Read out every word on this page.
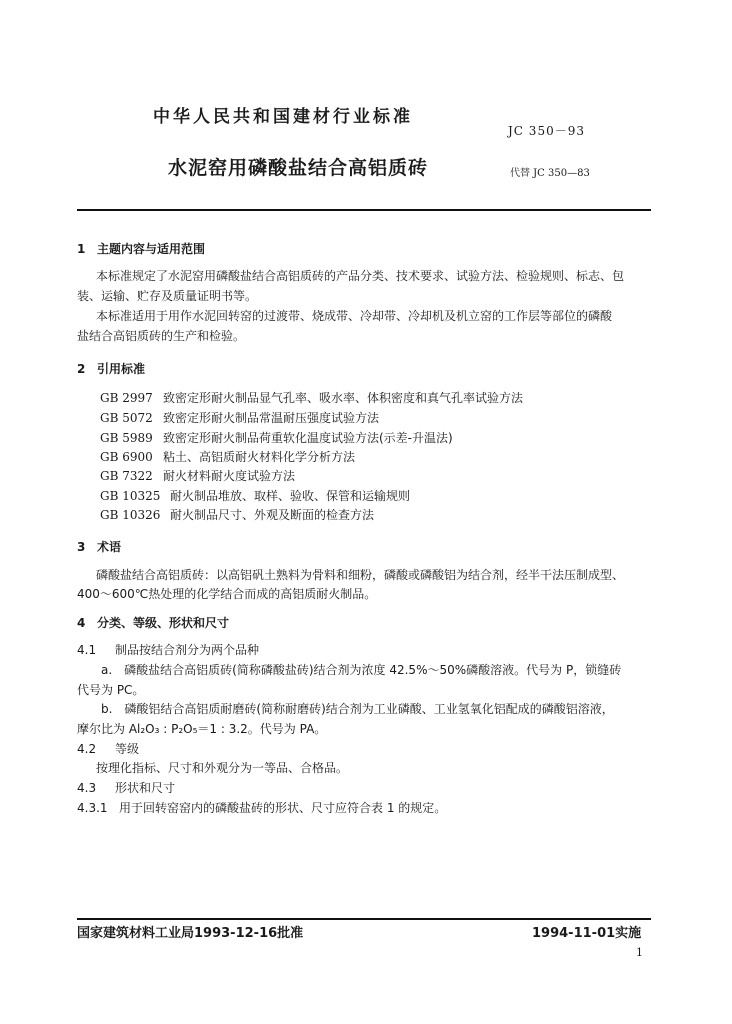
中华人民共和国建材行业标准
JC 350－93
水泥窑用磷酸盐结合高铝质砖	代替 JC 350—83
1 主题内容与适用范围
本标准规定了水泥窑用磷酸盐结合高铝质砖的产品分类、技术要求、试验方法、检验规则、标志、包
装、运输、贮存及质量证明书等。
本标准适用于用作水泥回转窑的过渡带、烧成带、冷却带、冷却机及机立窑的工作层等部位的磷酸
盐结合高铝质砖的生产和检验。
2 引用标准
GB 2997 致密定形耐火制品显气孔率、吸水率、体积密度和真气孔率试验方法
GB 5072 致密定形耐火制品常温耐压强度试验方法
GB 5989 致密定形耐火制品荷重软化温度试验方法(示差-升温法)
GB 6900 粘土、高铝质耐火材料化学分析方法
GB 7322 耐火材料耐火度试验方法
GB 10325 耐火制品堆放、取样、验收、保管和运输规则
GB 10326 耐火制品尺寸、外观及断面的检查方法
3 术语
磷酸盐结合高铝质砖：以高铝矾土熟料为骨料和细粉，磷酸或磷酸铝为结合剂，经半干法压制成型、
400～600℃热处理的化学结合而成的高铝质耐火制品。
4 分类、等级、形状和尺寸
4.1 制品按结合剂分为两个品种
a.　磷酸盐结合高铝质砖(简称磷酸盐砖)结合剂为浓度 42.5%～50%磷酸溶液。代号为 P，锁缝砖
代号为 PC。
b.　磷酸铝结合高铝质耐磨砖(简称耐磨砖)结合剂为工业磷酸、工业氢氧化铝配成的磷酸铝溶液，
摩尔比为 Al₂O₃ : P₂O₅＝1 : 3.2。代号为 PA。
4.2 等级
按理化指标、尺寸和外观分为一等品、合格品。
4.3 形状和尺寸
4.3.1 用于回转窑窑内的磷酸盐砖的形状、尺寸应符合表 1 的规定。
国家建筑材料工业局1993-12-16批准	1994-11-01实施
1
